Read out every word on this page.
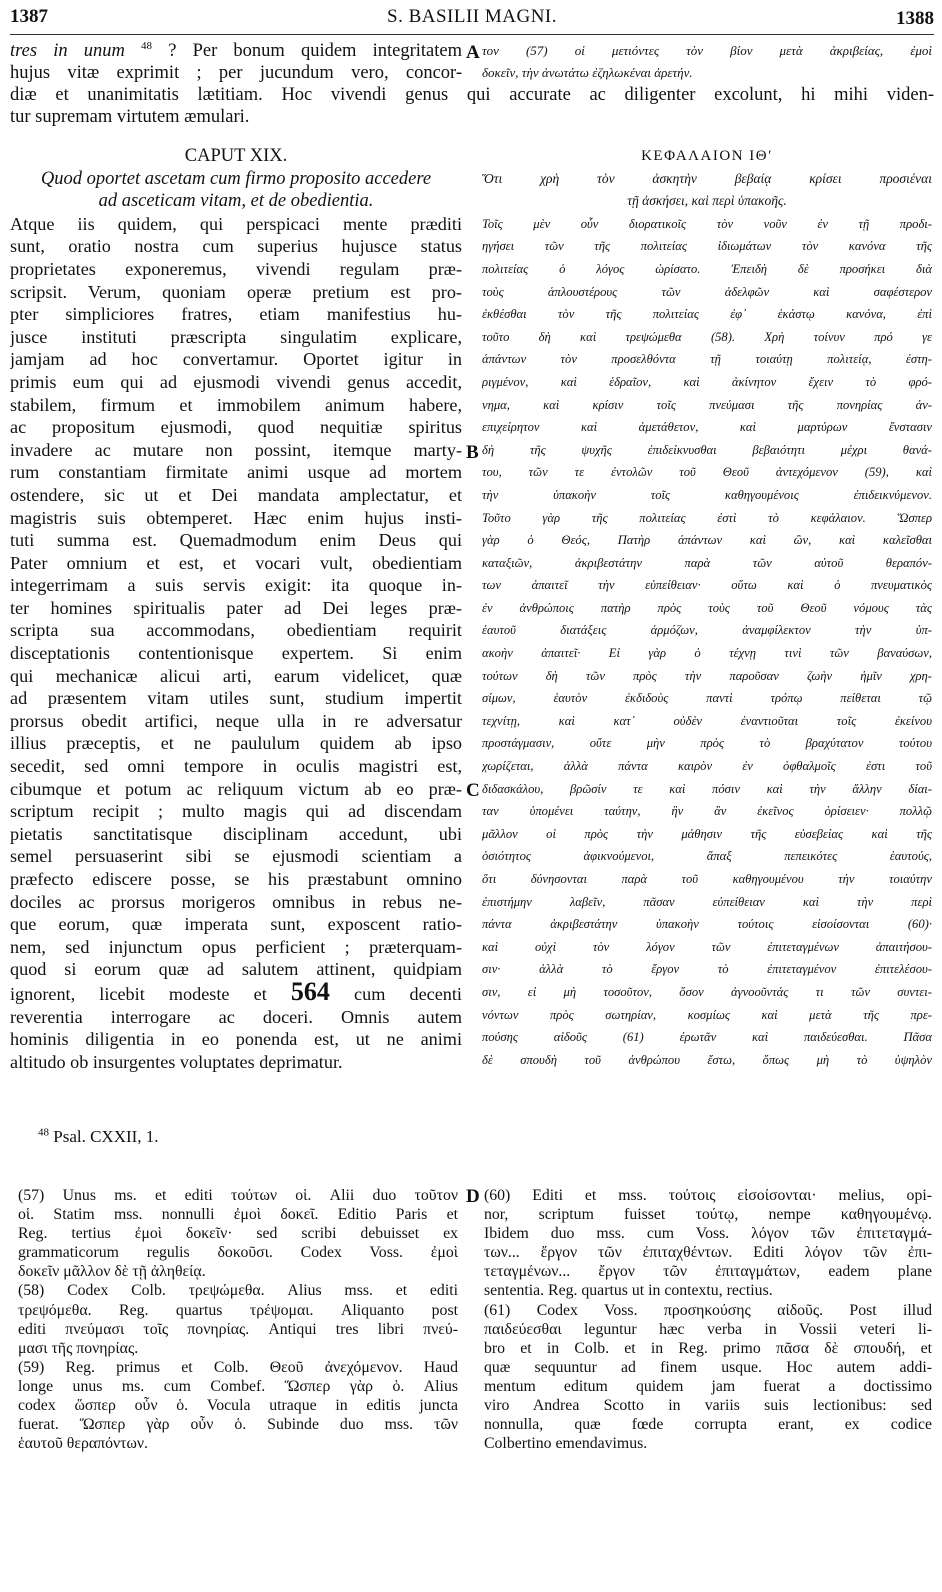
1387	S. BASILII MAGNI.	1388
tres in unum $^{48}$ ? Per bonum quidem integritatem
hujus vitæ exprimit ; per jucundum vero, concor-
A τον (57) οἱ μετιόντες τὸν βίον μετὰ ἀκριβείας, ἐμοὶ
δοκεῖν, τὴν ἀνωτάτω ἐζηλωκέναι ἀρετήν.
diæ et unanimitatis lætitiam. Hoc vivendi genus qui accurate ac diligenter excolunt, hi mihi viden-
tur supremam virtutem æmulari.
CAPUT XIX.
Quod oportet ascetam cum firmo proposito accedere
ad asceticam vitam, et de obedientia.
Atque iis quidem, qui perspicaci mente præditi
sunt, oratio nostra cum superius hujusce status
proprietates exponeremus, vivendi regulam præ-
scripsit. Verum, quoniam operæ pretium est pro-
pter simpliciores fratres, etiam manifestius hu-
jusce instituti præscripta singulatim explicare,
jamjam ad hoc convertamur. Oportet igitur in
primis eum qui ad ejusmodi vivendi genus accedit,
stabilem, firmum et immobilem animum habere,
ac propositum ejusmodi, quod nequitiæ spiritus
invadere ac mutare non possint, itemque marty-
rum constantiam firmitate animi usque ad mortem
ostendere, sic ut et Dei mandata amplectatur, et
magistris suis obtemperet. Hæc enim hujus insti-
tuti summa est. Quemadmodum enim Deus qui
Pater omnium et est, et vocari vult, obedientiam
integerrimam a suis servis exigit: ita quoque in-
ter homines spiritualis pater ad Dei leges præ-
scripta sua accommodans, obedientiam requirit
disceptationis contentionisque expertem. Si enim
qui mechanicæ alicui arti, earum videlicet, quæ
ad præsentem vitam utiles sunt, studium impertit
prorsus obedit artifici, neque ulla in re adversatur
illius præceptis, et ne paululum quidem ab ipso
secedit, sed omni tempore in oculis magistri est,
cibumque et potum ac reliquum victum ab eo præ-
scriptum recipit ; multo magis qui ad discendam
pietatis sanctitatisque disciplinam accedunt, ubi
semel persuaserint sibi se ejusmodi scientiam a
præfecto ediscere posse, se his præstabunt omnino
dociles ac prorsus morigeros omnibus in rebus ne-
que eorum, quæ imperata sunt, exposcent ratio-
nem, sed injunctum opus perficient ; præterquam-
quod si eorum quæ ad salutem attinent, quidpiam
ignorent, licebit modeste et 564 cum decenti
reverentia interrogare ac doceri. Omnis autem
hominis diligentia in eo ponenda est, ut ne animi
altitudo ob insurgentes voluptates deprimatur.
B
C
D
ΚΕΦΑΛΑΙΟΝ ΙΘʹ
Ὅτι χρὴ τὸν ἀσκητὴν βεβαίᾳ κρίσει προσιέναι
τῇ ἀσκήσει, καὶ περὶ ὑπακοῆς.
Τοῖς μὲν οὖν διορατικοῖς τὸν νοῦν ἐν τῇ προδι-
ηγήσει τῶν τῆς πολιτείας ἰδιωμάτων τὸν κανόνα τῆς
πολιτείας ὁ λόγος ὡρίσατο. Ἐπειδὴ δὲ προσήκει διὰ
τοὺς ἁπλουστέρους τῶν ἀδελφῶν καὶ σαφέστερον
ἐκθέσθαι τὸν τῆς πολιτείας ἐφ᾽ ἑκάστῳ κανόνα, ἐπὶ
τοῦτο δὴ καὶ τρεψώμεθα (58). Χρὴ τοίνυν πρό γε
ἁπάντων τὸν προσελθόντα τῇ τοιαύτῃ πολιτείᾳ, ἐστη-
ριγμένον, καὶ ἑδραῖον, καὶ ἀκίνητον ἔχειν τὸ φρό-
νημα, καὶ κρίσιν τοῖς πνεύμασι τῆς πονηρίας ἀν-
επιχείρητον καὶ ἀμετάθετον, καὶ μαρτύρων ἔνστασιν
δὴ τῆς ψυχῆς ἐπιδείκνυσθαι βεβαιότητι μέχρι θανά-
του, τῶν τε ἐντολῶν τοῦ Θεοῦ ἀντεχόμενον (59), καὶ
τὴν ὑπακοὴν τοῖς καθηγουμένοις ἐπιδεικνύμενον.
Τοῦτο γὰρ τῆς πολιτείας ἐστὶ τὸ κεφάλαιον. Ὥσπερ
γὰρ ὁ Θεός, Πατὴρ ἁπάντων καὶ ὢν, καὶ καλεῖσθαι
καταξιῶν, ἀκριβεστάτην παρὰ τῶν αὐτοῦ θεραπόν-
των ἀπαιτεῖ τὴν εὐπείθειαν· οὕτω καὶ ὁ πνευματικὸς
ἐν ἀνθρώποις πατὴρ πρὸς τοὺς τοῦ Θεοῦ νόμους τὰς
ἑαυτοῦ διατάξεις ἁρμόζων, ἀναμφίλεκτον τὴν ὑπ-
ακοὴν ἀπαιτεῖ· Εἰ γὰρ ὁ τέχνῃ τινὶ τῶν βαναύσων,
τούτων δὴ τῶν πρὸς τὴν παροῦσαν ζωὴν ἡμῖν χρη-
σίμων, ἑαυτὸν ἐκδιδοὺς παντὶ τρόπῳ πείθεται τῷ
τεχνίτῃ, καὶ κατ᾽ οὐδὲν ἐναντιοῦται τοῖς ἐκείνου
προστάγμασιν, οὔτε μὴν πρὸς τὸ βραχύτατον τούτου
χωρίζεται, ἀλλὰ πάντα καιρὸν ἐν ὀφθαλμοῖς ἐστι τοῦ
διδασκάλου, βρῶσίν τε καὶ πόσιν καὶ τὴν ἄλλην δίαι-
ταν ὑπομένει ταύτην, ἣν ἂν ἐκεῖνος ὁρίσειεν· πολλῷ
μᾶλλον οἱ πρὸς τὴν μάθησιν τῆς εὐσεβείας καὶ τῆς
ὁσιότητος ἀφικνούμενοι, ἅπαξ πεπεικότες ἑαυτούς,
ὅτι δύνησονται παρὰ τοῦ καθηγουμένου τὴν τοιαύτην
ἐπιστήμην λαβεῖν, πᾶσαν εὐπείθειαν καὶ τὴν περὶ
πάντα ἀκριβεστάτην ὑπακοὴν τούτοις εἰσοίσονται (60)·
καὶ οὐχὶ τὸν λόγον τῶν ἐπιτεταγμένων ἀπαιτήσου-
σιν· ἀλλὰ τὸ ἔργον τὸ ἐπιτεταγμένον ἐπιτελέσου-
σιν, εἰ μὴ τοσοῦτον, ὅσον ἀγνοοῦντάς τι τῶν συντει-
νόντων πρὸς σωτηρίαν, κοσμίως καὶ μετὰ τῆς πρε-
πούσης αἰδοῦς (61) ἐρωτᾶν καὶ παιδεύεσθαι. Πᾶσα
δὲ σπουδὴ τοῦ ἀνθρώπου ἔστω, ὅπως μὴ τὸ ὑψηλὸν
$^{48}$ Psal. CXXII, 1.
(57) Unus ms. et editi τούτων οἱ. Alii duo τοῦτον
οἱ. Statim mss. nonnulli ἐμοὶ δοκεῖ. Editio Paris et
Reg. tertius ἐμοὶ δοκεῖν· sed scribi debuisset ex
grammaticorum regulis δοκοῦσι. Codex Voss. ἐμοὶ
δοκεῖν μᾶλλον δὲ τῇ ἀληθείᾳ.
(58) Codex Colb. τρεψώμεθα. Alius mss. et editi
τρεψόμεθα. Reg. quartus τρέψομαι. Aliquanto post
editi πνεύμασι τοῖς πονηρίας. Antiqui tres libri πνεύ-
μασι τῆς πονηρίας.
(59) Reg. primus et Colb. Θεοῦ ἀνεχόμενον. Haud
longe unus ms. cum Combef. Ὥσπερ γὰρ ὁ. Alius
codex ὥσπερ οὖν ὁ. Vocula utraque in editis juncta
fuerat. Ὥσπερ γὰρ οὖν ὁ. Subinde duo mss. τῶν
ἑαυτοῦ θεραπόντων.
(60) Editi et mss. τούτοις εἰσοίσονται· melius, opi-
nor, scriptum fuisset τούτῳ, nempe καθηγουμένῳ.
Ibidem duo mss. cum Voss. λόγον τῶν ἐπιτεταγμά-
των... ἔργον τῶν ἐπιταχθέντων. Editi λόγον τῶν ἐπι-
τεταγμένων... ἔργον τῶν ἐπιταγμάτων, eadem plane
sententia. Reg. quartus ut in contextu, rectius.
(61) Codex Voss. προσηκούσης αἰδοῦς. Post illud
παιδεύεσθαι leguntur hæc verba in Vossii veteri li-
bro et in Colb. et in Reg. primo πᾶσα δὲ σπουδή, et
quæ sequuntur ad finem usque. Hoc autem addi-
mentum editum quidem jam fuerat a doctissimo
viro Andrea Scotto in variis suis lectionibus: sed
nonnulla, quæ fœde corrupta erant, ex codice
Colbertino emendavimus.
